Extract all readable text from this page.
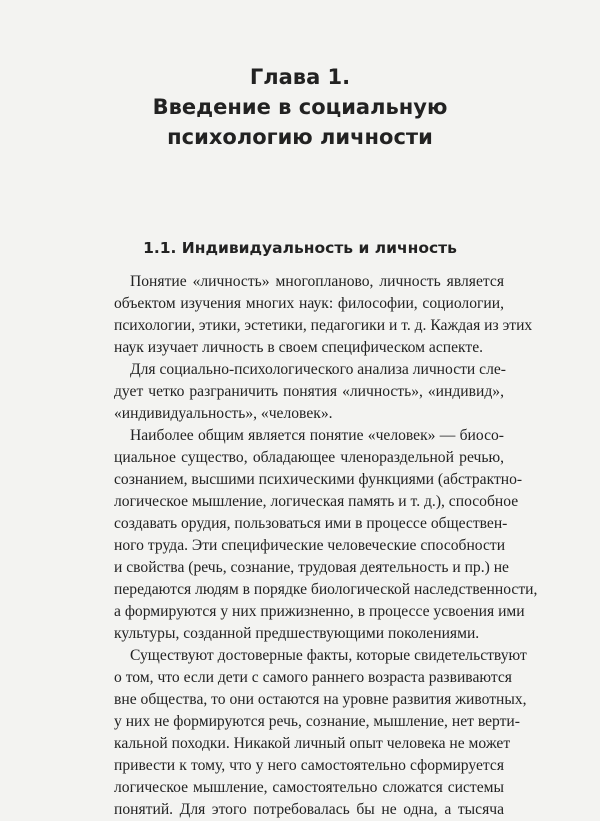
Глава 1.
Введение в социальную
психологию личности
1.1. Индивидуальность и личность
Понятие «личность» многопланово, личность является
объектом изучения многих наук: философии, социологии,
психологии, этики, эстетики, педагогики и т. д. Каждая из этих
наук изучает личность в своем специфическом аспекте.
Для социально-психологического анализа личности сле-
дует четко разграничить понятия «личность», «индивид»,
«индивидуальность», «человек».
Наиболее общим является понятие «человек» — биосо-
циальное существо, обладающее членораздельной речью,
сознанием, высшими психическими функциями (абстрактно-
логическое мышление, логическая память и т. д.), способное
создавать орудия, пользоваться ими в процессе обществен-
ного труда. Эти специфические человеческие способности
и свойства (речь, сознание, трудовая деятельность и пр.) не
передаются людям в порядке биологической наследственности,
а формируются у них прижизненно, в процессе усвоения ими
культуры, созданной предшествующими поколениями.
Существуют достоверные факты, которые свидетельствуют
о том, что если дети с самого раннего возраста развиваются
вне общества, то они остаются на уровне развития животных,
у них не формируются речь, сознание, мышление, нет верти-
кальной походки. Никакой личный опыт человека не может
привести к тому, что у него самостоятельно сформируется
логическое мышление, самостоятельно сложатся системы
понятий. Для этого потребовалась бы не одна, а тысяча
